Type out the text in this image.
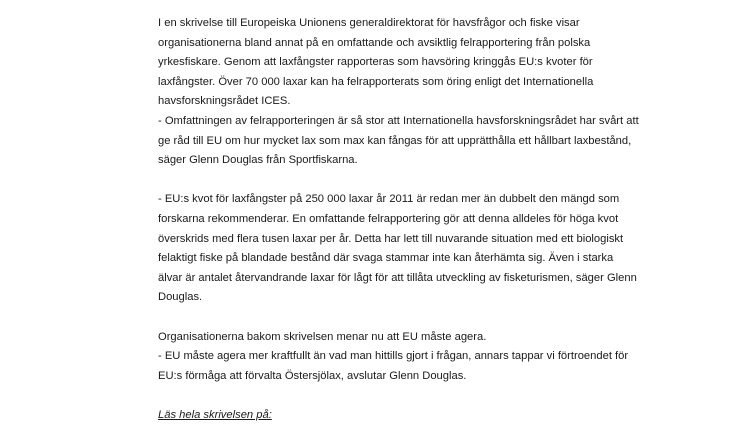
I en skrivelse till Europeiska Unionens generaldirektorat för havsfrågor och fiske visar
organisationerna bland annat på en omfattande och avsiktlig felrapportering från polska
yrkesfiskare. Genom att laxfångster rapporteras som havsöring kringgås EU:s kvoter för
laxfångster. Över 70 000 laxar kan ha felrapporterats som öring enligt det Internationella
havsforskningsrådet ICES.
- Omfattningen av felrapporteringen är så stor att Internationella havsforskningsrådet har svårt att
ge råd till EU om hur mycket lax som max kan fångas för att upprätthålla ett hållbart laxbestånd,
säger Glenn Douglas från Sportfiskarna.

- EU:s kvot för laxfångster på 250 000 laxar år 2011 är redan mer än dubbelt den mängd som
forskarna rekommenderar. En omfattande felrapportering gör att denna alldeles för höga kvot
överskrids med flera tusen laxar per år. Detta har lett till nuvarande situation med ett biologiskt
felaktigt fiske på blandade bestånd där svaga stammar inte kan återhämta sig. Även i starka
älvar är antalet återvandrande laxar för lågt för att tillåta utveckling av fisketurismen, säger Glenn
Douglas.

Organisationerna bakom skrivelsen menar nu att EU måste agera.
- EU måste agera mer kraftfullt än vad man hittills gjort i frågan, annars tappar vi förtroendet för
EU:s förmåga att förvalta Östersjölax, avslutar Glenn Douglas.

Läs hela skrivelsen på:
